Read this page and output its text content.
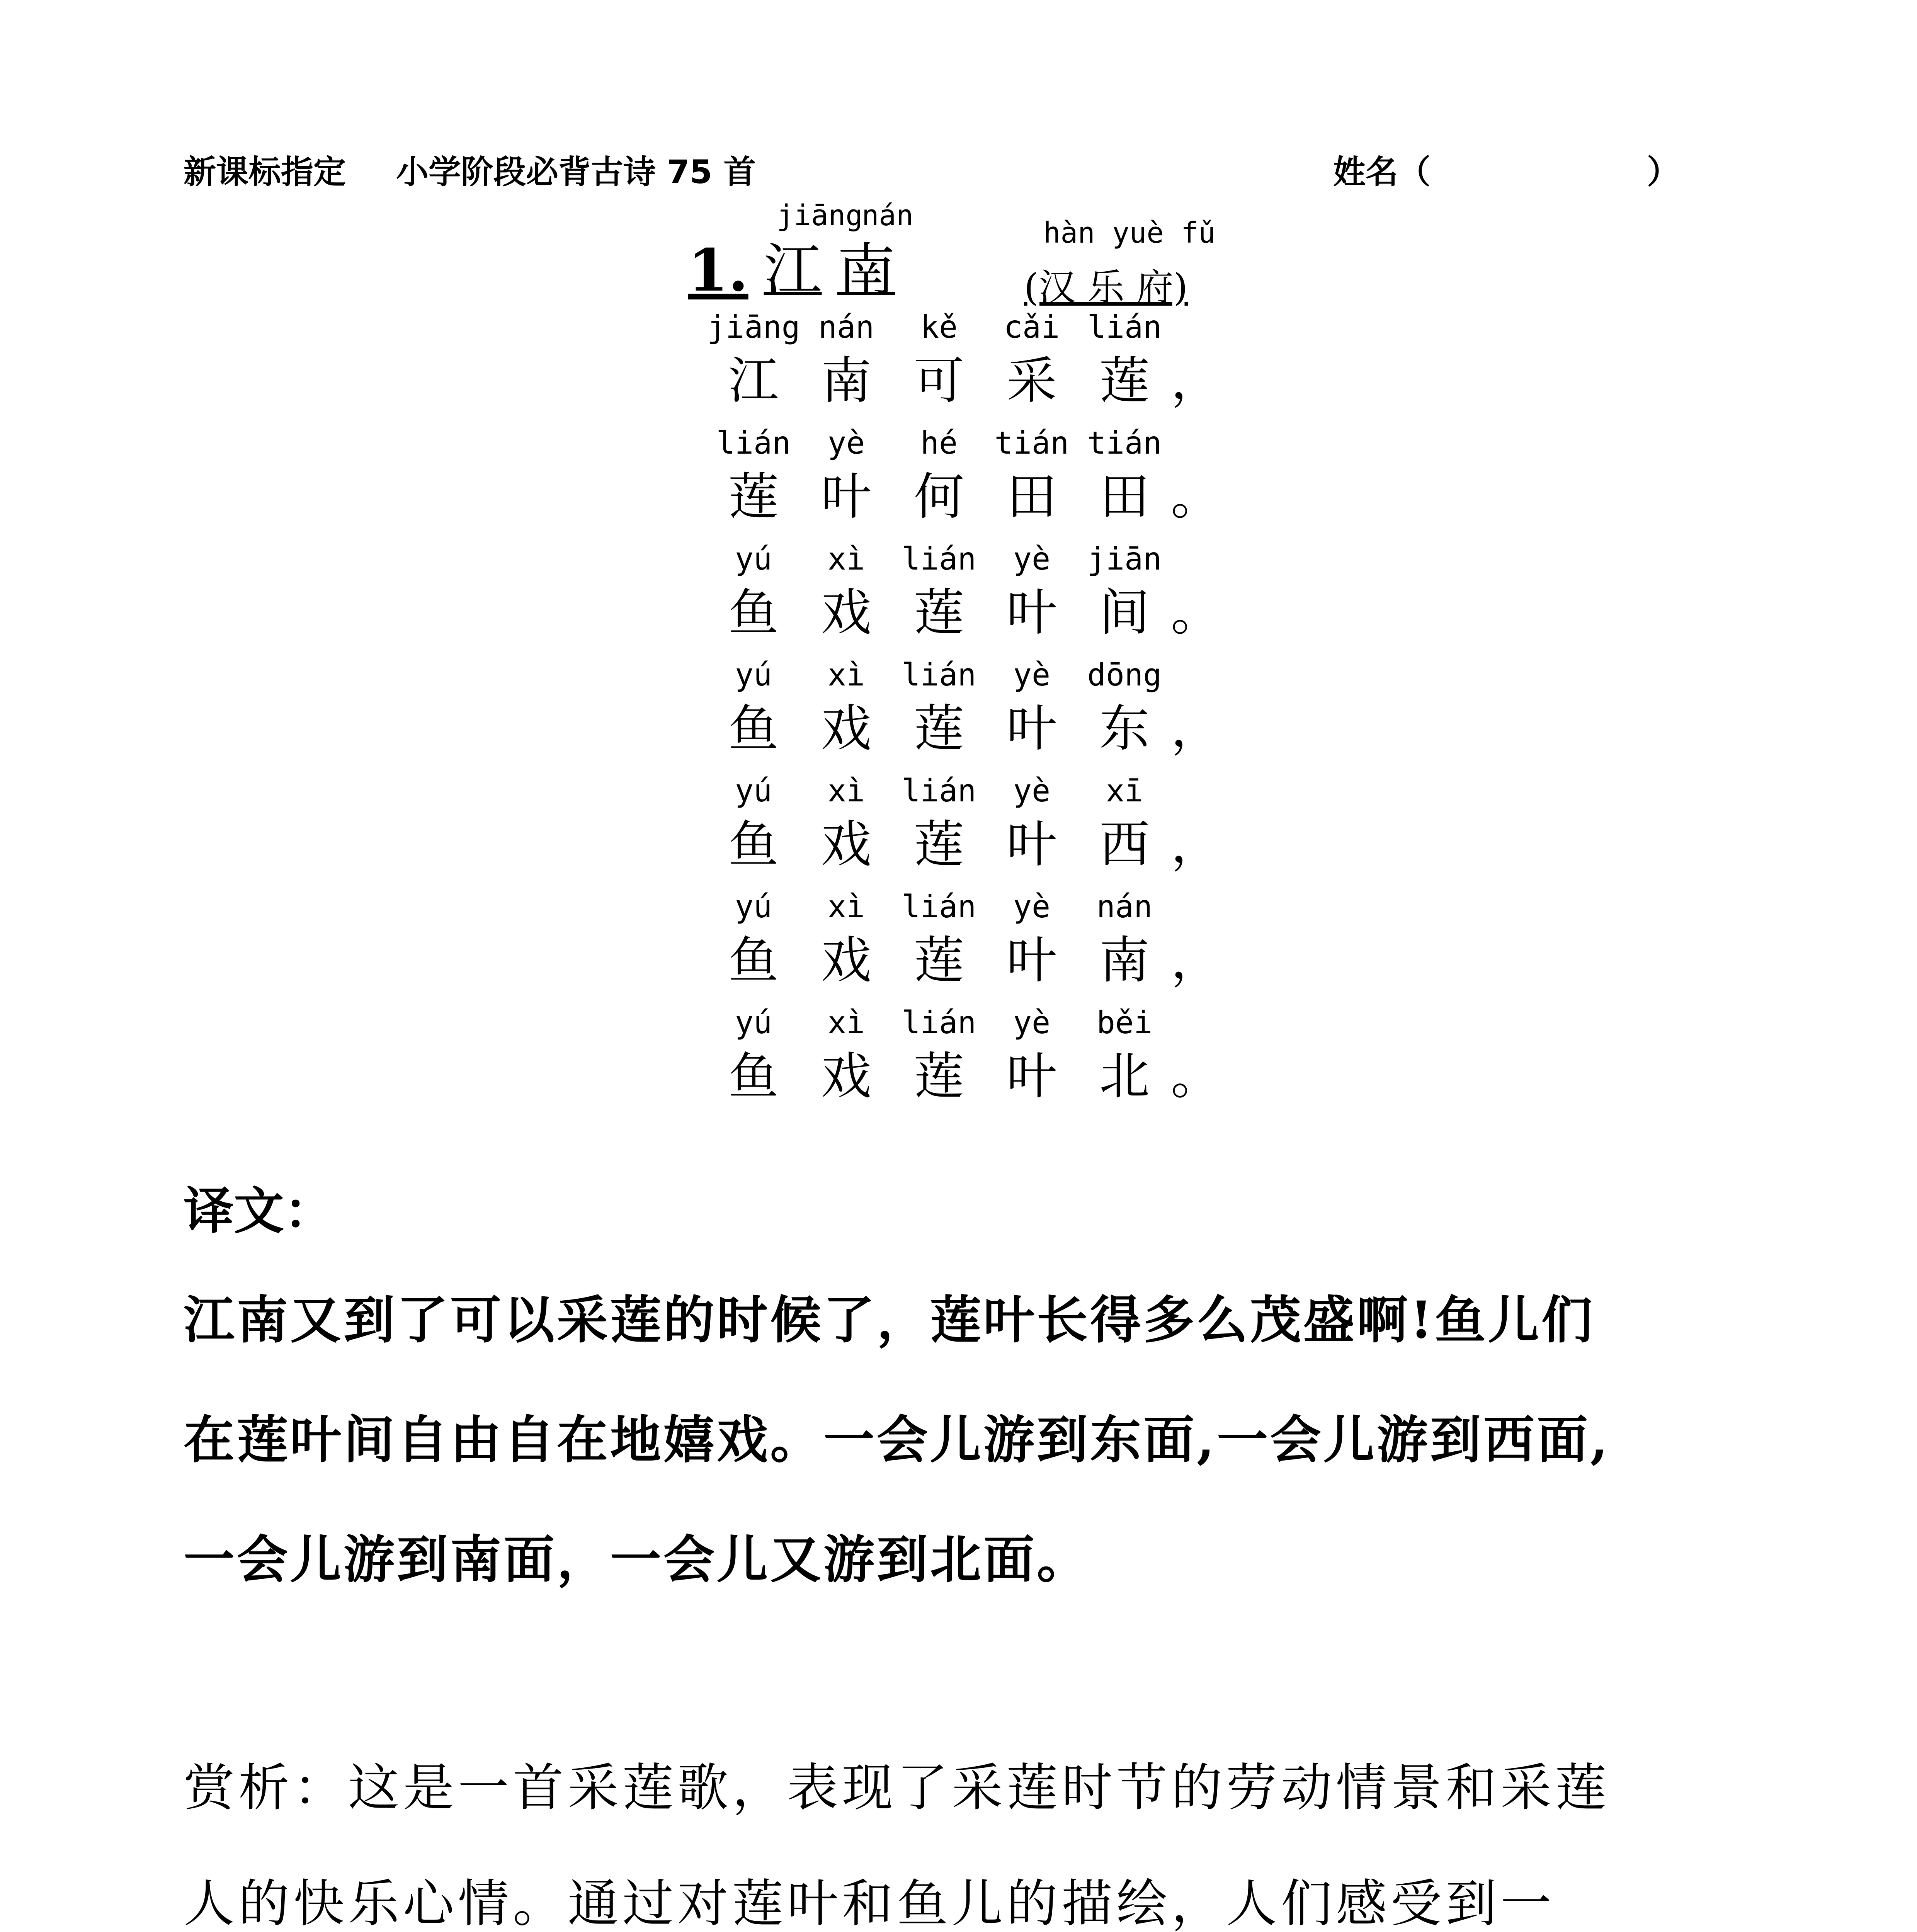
新课标指定 小学阶段必背古诗 75 首	姓名（	）
jiāng
nán
hàn yuè fǔ
1. 江 南	(汉 乐 府)
jiāng nán	kě	cǎi lián
江 南 可 采 莲 ，
lián	yè	hé	tián tián
莲 叶 何 田 田 。
yú	xì	lián	yè	jiān
鱼 戏 莲 叶 间 。
yú	xì	lián	yè	dōng
鱼 戏 莲 叶 东 ，
yú	xì	lián	yè	xī
鱼 戏 莲 叶 西 ，
yú	xì	lián	yè	nán
鱼 戏 莲 叶 南 ，
yú	xì	lián	yè	běi
鱼 戏 莲 叶 北 。
译文：
江南又到了可以采莲的时候了，莲叶长得多么茂盛啊!鱼儿们
在莲叶间自由自在地嬉戏。一会儿游到东面,一会儿游到西面,
一会儿游到南面，一会儿又游到北面。
赏析：这是一首采莲歌，表现了采莲时节的劳动情景和采莲
人的快乐心情。通过对莲叶和鱼儿的描绘，人们感受到一
